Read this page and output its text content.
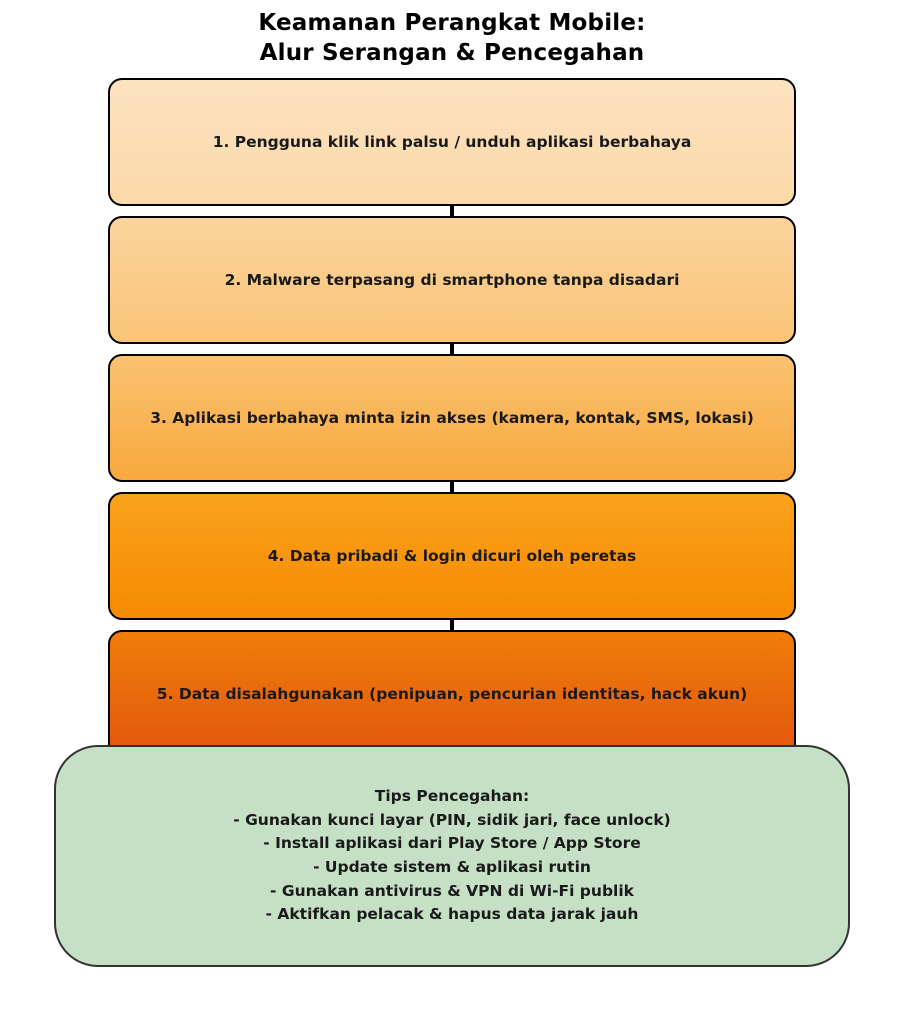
Keamanan Perangkat Mobile:
Alur Serangan & Pencegahan
1. Pengguna klik link palsu / unduh aplikasi berbahaya
2. Malware terpasang di smartphone tanpa disadari
3. Aplikasi berbahaya minta izin akses (kamera, kontak, SMS, lokasi)
4. Data pribadi & login dicuri oleh peretas
5. Data disalahgunakan (penipuan, pencurian identitas, hack akun)
Tips Pencegahan:
- Gunakan kunci layar (PIN, sidik jari, face unlock)
- Install aplikasi dari Play Store / App Store
- Update sistem & aplikasi rutin
- Gunakan antivirus & VPN di Wi-Fi publik
- Aktifkan pelacak & hapus data jarak jauh
